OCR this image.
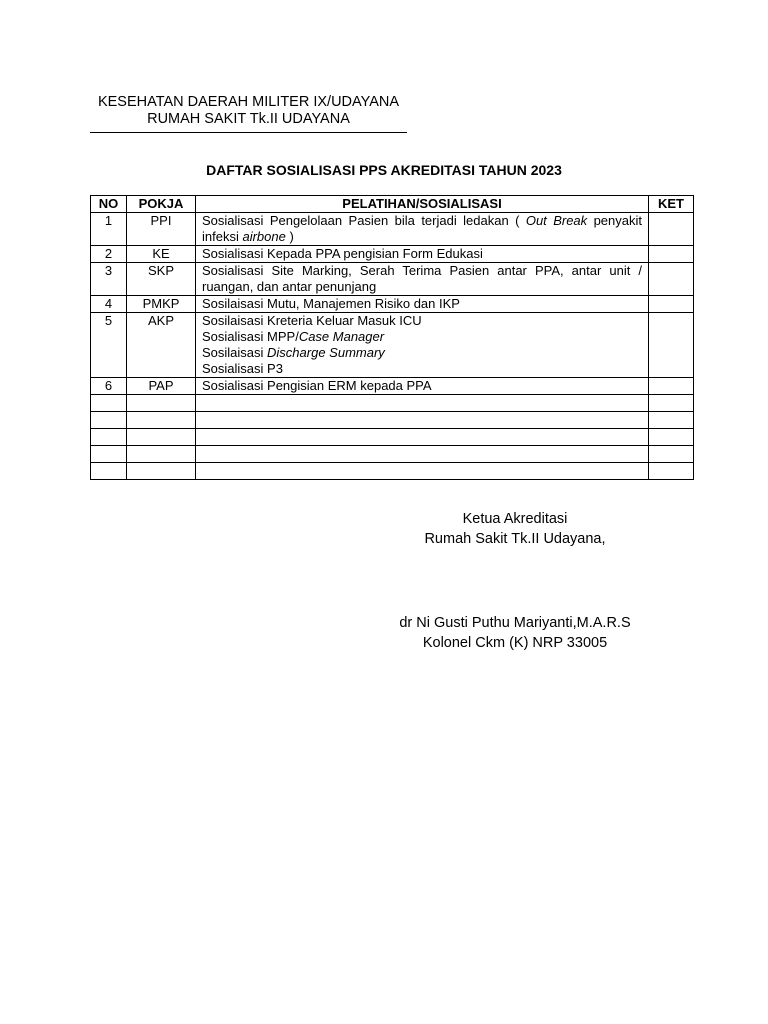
KESEHATAN DAERAH MILITER IX/UDAYANA
RUMAH SAKIT Tk.II UDAYANA
DAFTAR SOSIALISASI PPS AKREDITASI TAHUN 2023
NO	POKJA	PELATIHAN/SOSIALISASI	KET
1	PPI	Sosialisasi Pengelolaan Pasien bila terjadi ledakan ( Out Break penyakit infeksi airbone )	

2	KE	Sosialisasi Kepada PPA pengisian Form Edukasi	

3	SKP	Sosialisasi Site Marking, Serah Terima Pasien antar PPA, antar unit / ruangan, dan antar penunjang	

4	PMKP	Sosilaisasi Mutu, Manajemen Risiko dan IKP	

5	AKP	Sosilaisasi Kreteria Keluar Masuk ICU
Sosialisasi MPP/Case Manager
Sosilaisasi Discharge Summary
Sosialisasi P3	

6	PAP	Sosialisasi Pengisian ERM kepada PPA	

Ketua Akreditasi
Rumah Sakit Tk.II Udayana,
dr Ni Gusti Puthu Mariyanti,M.A.R.S
Kolonel Ckm (K) NRP 33005
